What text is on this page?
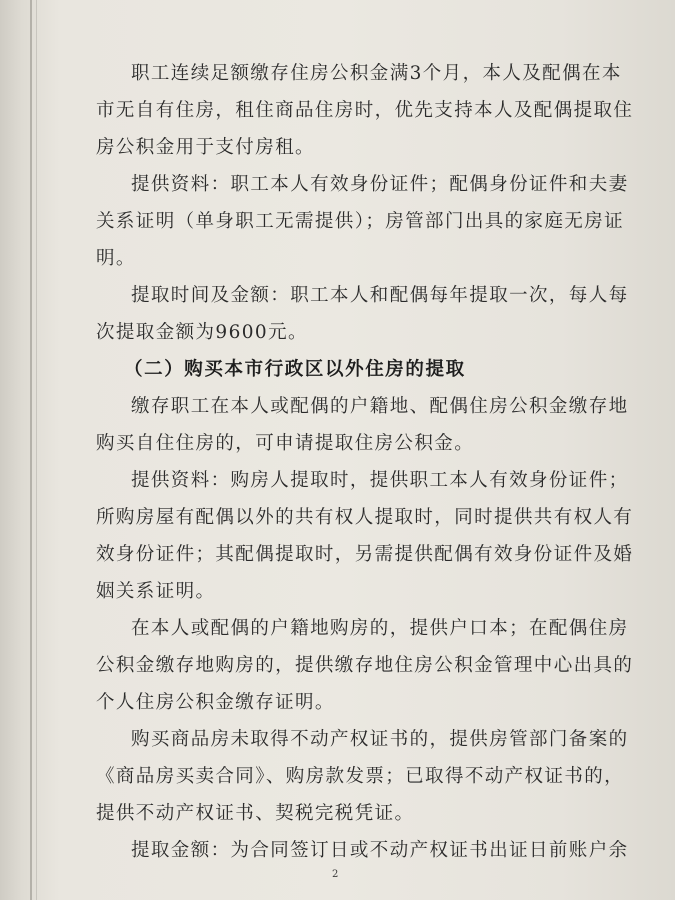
职工连续足额缴存住房公积金满3个月，本人及配偶在本
市无自有住房，租住商品住房时，优先支持本人及配偶提取住
房公积金用于支付房租。
提供资料：职工本人有效身份证件；配偶身份证件和夫妻
关系证明（单身职工无需提供）；房管部门出具的家庭无房证
明。
提取时间及金额：职工本人和配偶每年提取一次，每人每
次提取金额为9600元。
（二）购买本市行政区以外住房的提取
缴存职工在本人或配偶的户籍地、配偶住房公积金缴存地
购买自住住房的，可申请提取住房公积金。
提供资料：购房人提取时，提供职工本人有效身份证件；
所购房屋有配偶以外的共有权人提取时，同时提供共有权人有
效身份证件；其配偶提取时，另需提供配偶有效身份证件及婚
姻关系证明。
在本人或配偶的户籍地购房的，提供户口本；在配偶住房
公积金缴存地购房的，提供缴存地住房公积金管理中心出具的
个人住房公积金缴存证明。
购买商品房未取得不动产权证书的，提供房管部门备案的
《商品房买卖合同》、购房款发票；已取得不动产权证书的，
提供不动产权证书、契税完税凭证。
提取金额：为合同签订日或不动产权证书出证日前账户余
2
